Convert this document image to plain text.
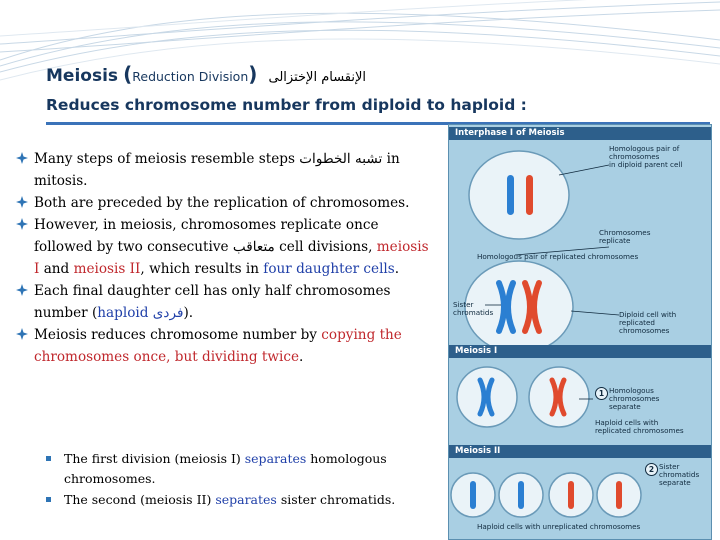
Meiosis (Reduction Division) الإنقسام الإختزالى
Reduces chromosome number from diploid to haploid :
Many steps of meiosis resemble steps تشبه الخطوات in mitosis.
Both are preceded by the replication of chromosomes.
However, in meiosis, chromosomes replicate once followed by two consecutive متعاقب cell divisions, meiosis I and meiosis II, which results in four daughter cells.
Each final daughter cell has only half chromosomes number (haploid فردى).
Meiosis reduces chromosome number by copying the chromosomes once, but dividing twice.
The first division (meiosis I) separates homologous chromosomes.
The second (meiosis II) separates sister chromatids.
Interphase I of Meiosis
Homologous pair of chromosomes
in diploid parent cell
Chromosomes
replicate
Homologous pair of replicated chromosomes
Sister
chromatids	Diploid cell with
replicated
chromosomes
Meiosis I
1 Homologous
chromosomes
separate
Haploid cells with
replicated chromosomes
Meiosis II
2 Sister chromatids
separate
Haploid cells with unreplicated chromosomes
